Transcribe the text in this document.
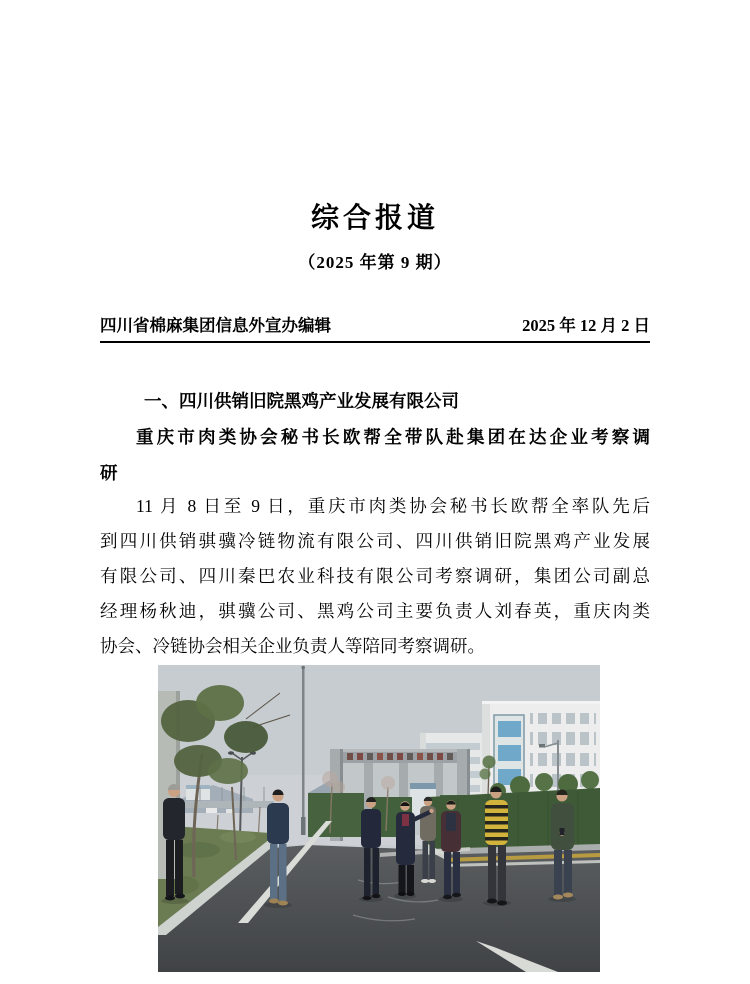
综合报道
（2025 年第 9 期）
四川省棉麻集团信息外宣办编辑	2025 年 12 月 2 日
一、四川供销旧院黑鸡产业发展有限公司
重庆市肉类协会秘书长欧帮全带队赴集团在达企业考察调
研
11 月 8 日至 9 日，重庆市肉类协会秘书长欧帮全率队先后
到四川供销骐骥冷链物流有限公司、四川供销旧院黑鸡产业发展
有限公司、四川秦巴农业科技有限公司考察调研，集团公司副总
经理杨秋迪，骐骥公司、黑鸡公司主要负责人刘春英，重庆肉类
协会、冷链协会相关企业负责人等陪同考察调研。
